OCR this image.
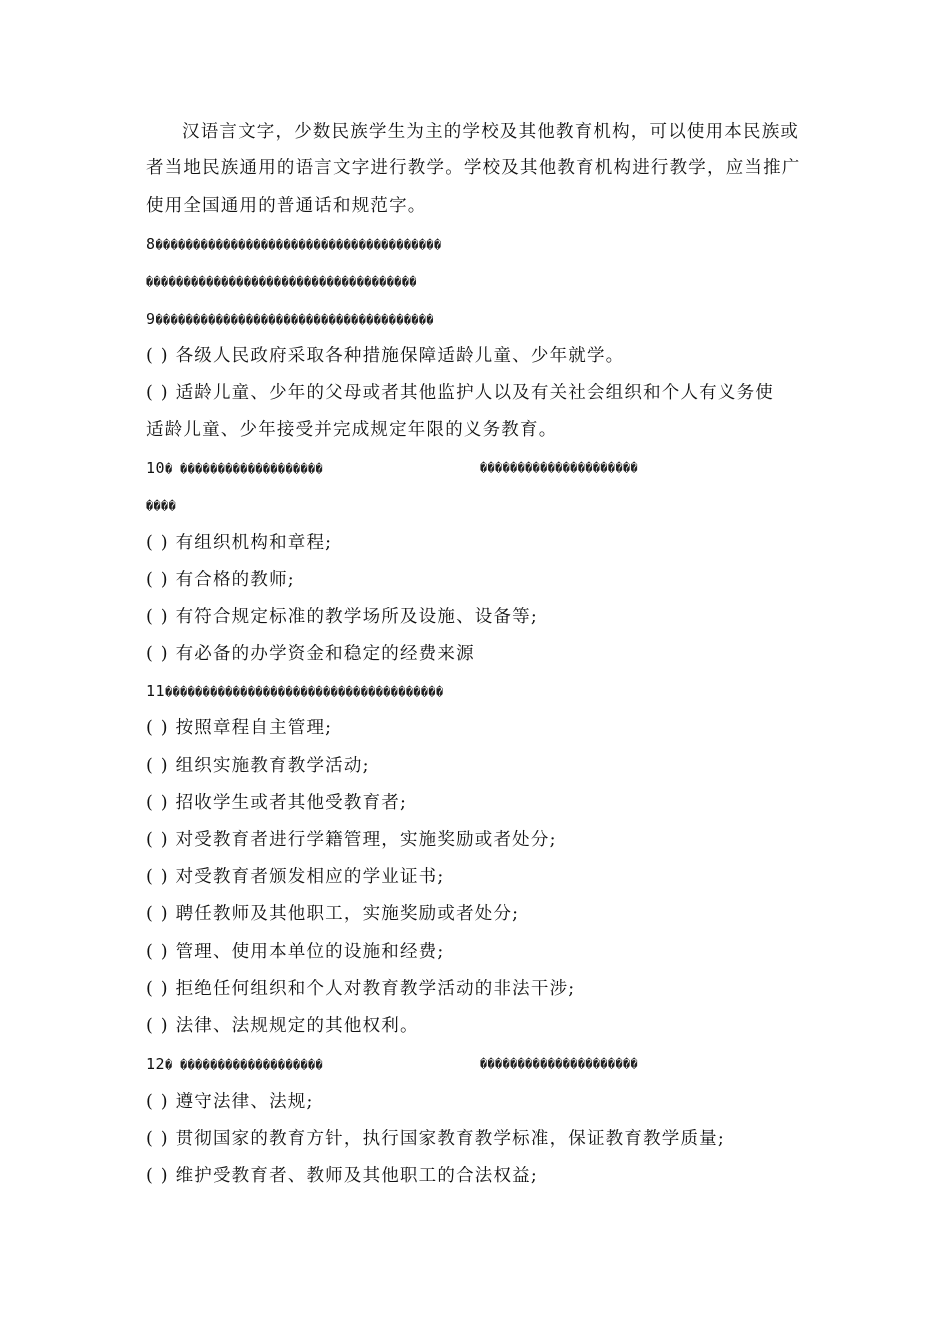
汉语言文字，少数民族学生为主的学校及其他教育机构，可以使用本民族或
者当地民族通用的语言文字进行教学。学校及其他教育机构进行教学，应当推广
使用全国通用的普通话和规范字。
8��������������������������������������
������������������������������������
9�������������������������������������
( ) 各级人民政府采取各种措施保障适龄儿童、少年就学。
( ) 适龄儿童、少年的父母或者其他监护人以及有关社会组织和个人有义务使
适龄儿童、少年接受并完成规定年限的义务教育。
10� �������������������	���������������������
����
( ) 有组织机构和章程;
( ) 有合格的教师;
( ) 有符合规定标准的教学场所及设施、设备等;
( ) 有必备的办学资金和稳定的经费来源
11�������������������������������������
( ) 按照章程自主管理;
( ) 组织实施教育教学活动;
( ) 招收学生或者其他受教育者;
( ) 对受教育者进行学籍管理，实施奖励或者处分;
( ) 对受教育者颁发相应的学业证书;
( ) 聘任教师及其他职工，实施奖励或者处分;
( ) 管理、使用本单位的设施和经费;
( ) 拒绝任何组织和个人对教育教学活动的非法干涉;
( ) 法律、法规规定的其他权利。
12� �������������������	���������������������
( ) 遵守法律、法规;
( ) 贯彻国家的教育方针，执行国家教育教学标准，保证教育教学质量;
( ) 维护受教育者、教师及其他职工的合法权益;
